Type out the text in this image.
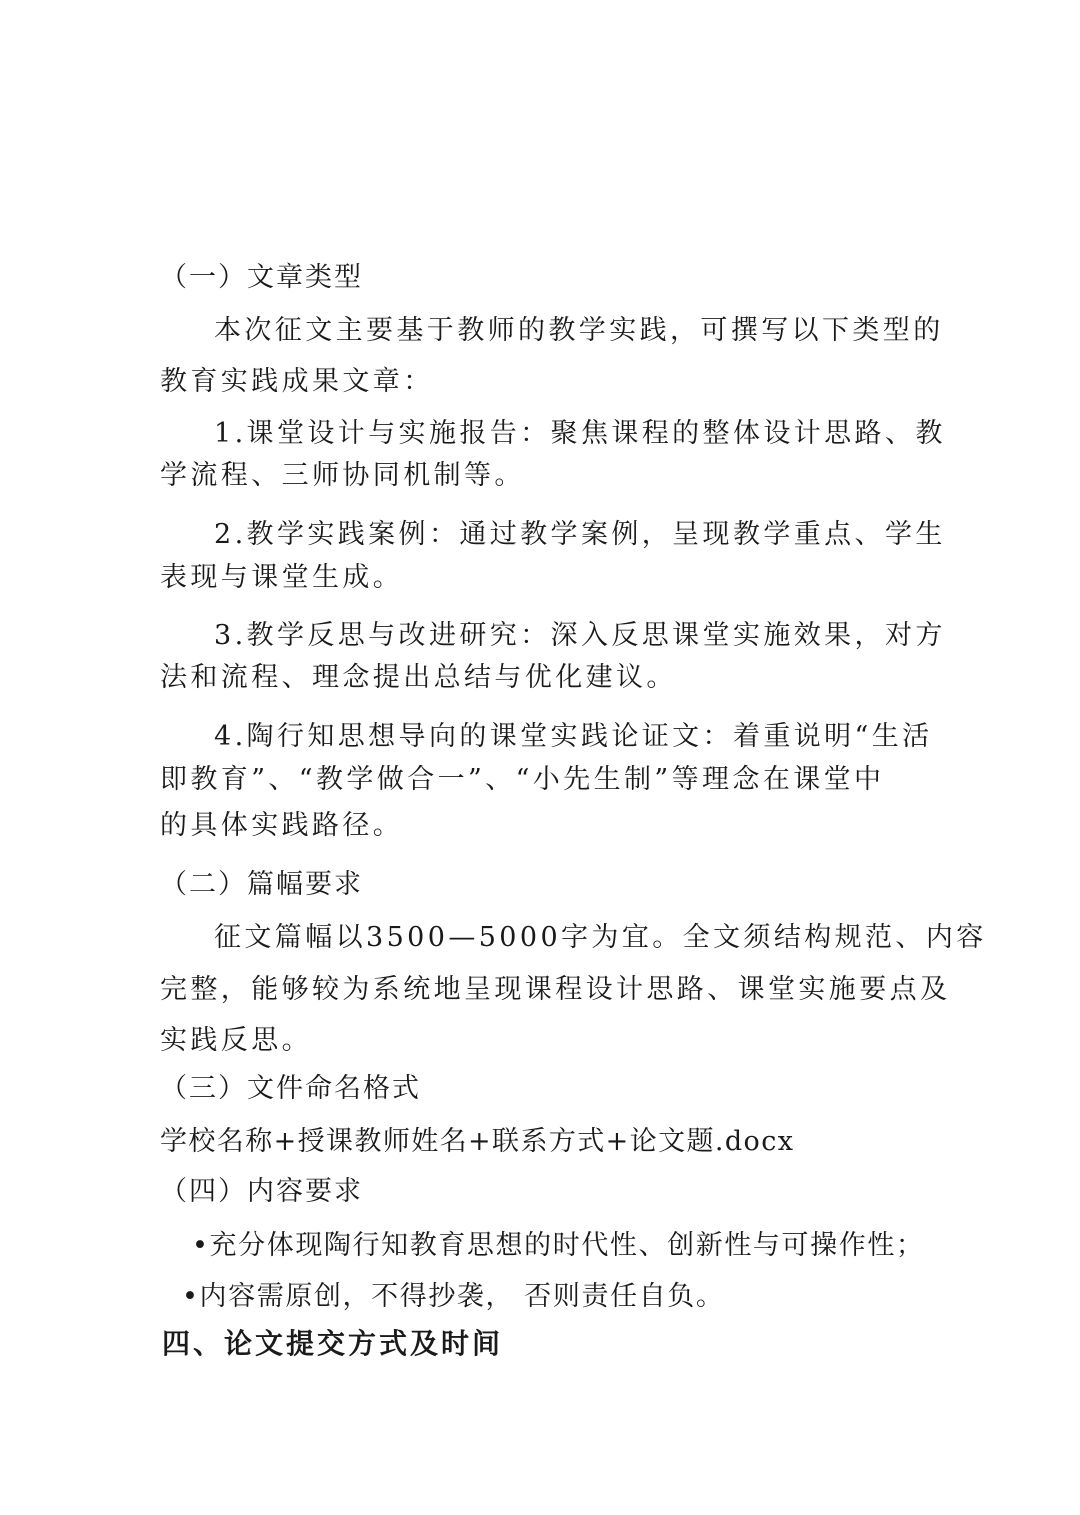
（一）文章类型
本次征文主要基于教师的教学实践，可撰写以下类型的
教育实践成果文章：
1.课堂设计与实施报告：聚焦课程的整体设计思路、教
学流程、三师协同机制等。
2.教学实践案例：通过教学案例，呈现教学重点、学生
表现与课堂生成。
3.教学反思与改进研究：深入反思课堂实施效果，对方
法和流程、理念提出总结与优化建议。
4.陶行知思想导向的课堂实践论证文：着重说明“生活
即教育”、“教学做合一”、“小先生制”等理念在课堂中
的具体实践路径。
（二）篇幅要求
征文篇幅以3500—5000字为宜。全文须结构规范、内容
完整，能够较为系统地呈现课程设计思路、课堂实施要点及
实践反思。
（三）文件命名格式
学校名称+授课教师姓名+联系方式+论文题.docx
（四）内容要求
•充分体现陶行知教育思想的时代性、创新性与可操作性；
•内容需原创，不得抄袭， 否则责任自负。
四、论文提交方式及时间
